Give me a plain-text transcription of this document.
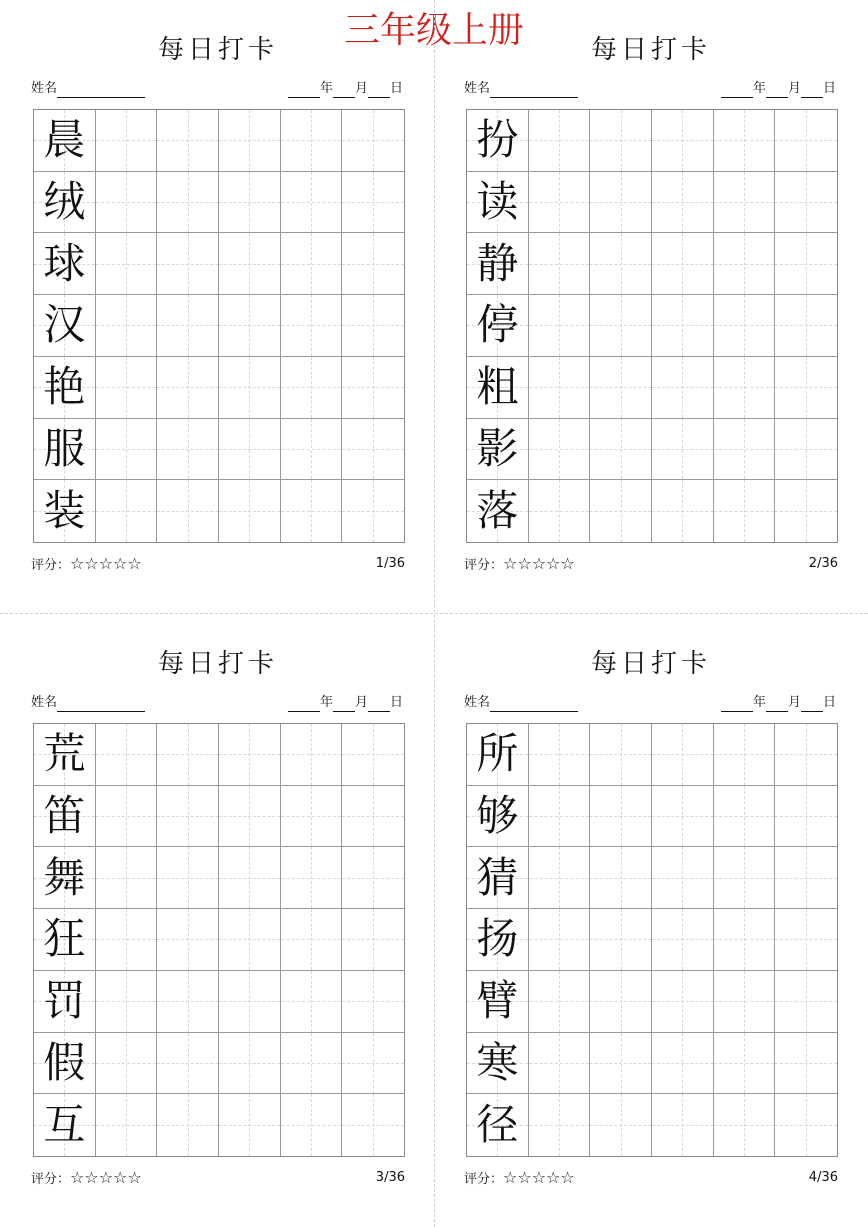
三年级上册
每日打卡
姓名	年 月 日
晨
绒
球
汉
艳
服
装
评分：☆☆☆☆☆	1/36
每日打卡
姓名	年 月 日
扮
读
静
停
粗
影
落
评分：☆☆☆☆☆	2/36
每日打卡
姓名	年 月 日
荒
笛
舞
狂
罚
假
互
评分：☆☆☆☆☆	3/36
每日打卡
姓名	年 月 日
所
够
猜
扬
臂
寒
径
评分：☆☆☆☆☆	4/36
